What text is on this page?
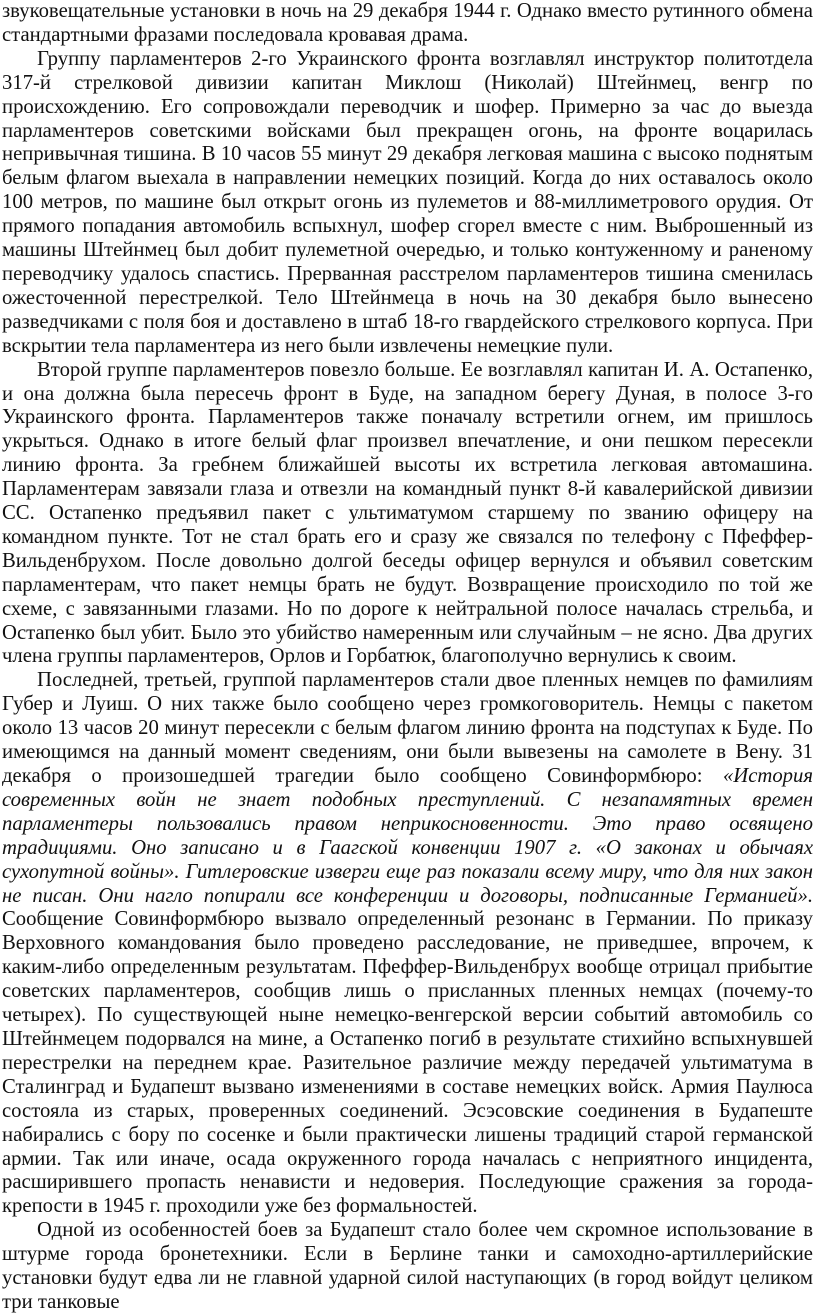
звуковещательные установки в ночь на 29 декабря 1944 г. Однако вместо рутинного обмена стандартными фразами последовала кровавая драма.

Группу парламентеров 2-го Украинского фронта возглавлял инструктор политотдела 317-й стрелковой дивизии капитан Миклош (Николай) Штейнмец, венгр по происхождению. Его сопровождали переводчик и шофер. Примерно за час до выезда парламентеров советскими войсками был прекращен огонь, на фронте воцарилась непривычная тишина. В 10 часов 55 минут 29 декабря легковая машина с высоко поднятым белым флагом выехала в направлении немецких позиций. Когда до них оставалось около 100 метров, по машине был открыт огонь из пулеметов и 88-миллиметрового орудия. От прямого попадания автомобиль вспыхнул, шофер сгорел вместе с ним. Выброшенный из машины Штейнмец был добит пулеметной очередью, и только контуженному и раненому переводчику удалось спастись. Прерванная расстрелом парламентеров тишина сменилась ожесточенной перестрелкой. Тело Штейнмеца в ночь на 30 декабря было вынесено разведчиками с поля боя и доставлено в штаб 18-го гвардейского стрелкового корпуса. При вскрытии тела парламентера из него были извлечены немецкие пули.

Второй группе парламентеров повезло больше. Ее возглавлял капитан И. А. Остапенко, и она должна была пересечь фронт в Буде, на западном берегу Дуная, в полосе 3-го Украинского фронта. Парламентеров также поначалу встретили огнем, им пришлось укрыться. Однако в итоге белый флаг произвел впечатление, и они пешком пересекли линию фронта. За гребнем ближайшей высоты их встретила легковая автомашина. Парламентерам завязали глаза и отвезли на командный пункт 8-й кавалерийской дивизии СС. Остапенко предъявил пакет с ультиматумом старшему по званию офицеру на командном пункте. Тот не стал брать его и сразу же связался по телефону с Пфеффер-Вильденбрухом. После довольно долгой беседы офицер вернулся и объявил советским парламентерам, что пакет немцы брать не будут. Возвращение происходило по той же схеме, с завязанными глазами. Но по дороге к нейтральной полосе началась стрельба, и Остапенко был убит. Было это убийство намеренным или случайным – не ясно. Два других члена группы парламентеров, Орлов и Горбатюк, благополучно вернулись к своим.

Последней, третьей, группой парламентеров стали двое пленных немцев по фамилиям Губер и Луиш. О них также было сообщено через громкоговоритель. Немцы с пакетом около 13 часов 20 минут пересекли с белым флагом линию фронта на подступах к Буде. По имеющимся на данный момент сведениям, они были вывезены на самолете в Вену. 31 декабря о произошедшей трагедии было сообщено Совинформбюро: «История современных войн не знает подобных преступлений. С незапамятных времен парламентеры пользовались правом неприкосновенности. Это право освящено традициями. Оно записано и в Гаагской конвенции 1907 г. «О законах и обычаях сухопутной войны». Гитлеровские изверги еще раз показали всему миру, что для них закон не писан. Они нагло попирали все конференции и договоры, подписанные Германией». Сообщение Совинформбюро вызвало определенный резонанс в Германии. По приказу Верховного командования было проведено расследование, не приведшее, впрочем, к каким-либо определенным результатам. Пфеффер-Вильденбрух вообще отрицал прибытие советских парламентеров, сообщив лишь о присланных пленных немцах (почему-то четырех). По существующей ныне немецко-венгерской версии событий автомобиль со Штейнмецем подорвался на мине, а Остапенко погиб в результате стихийно вспыхнувшей перестрелки на переднем крае. Разительное различие между передачей ультиматума в Сталинград и Будапешт вызвано изменениями в составе немецких войск. Армия Паулюса состояла из старых, проверенных соединений. Эсэсовские соединения в Будапеште набирались с бору по сосенке и были практически лишены традиций старой германской армии. Так или иначе, осада окруженного города началась с неприятного инцидента, расширившего пропасть ненависти и недоверия. Последующие сражения за города-крепости в 1945 г. проходили уже без формальностей.

Одной из особенностей боев за Будапешт стало более чем скромное использование в штурме города бронетехники. Если в Берлине танки и самоходно-артиллерийские установки будут едва ли не главной ударной силой наступающих (в город войдут целиком три танковые
